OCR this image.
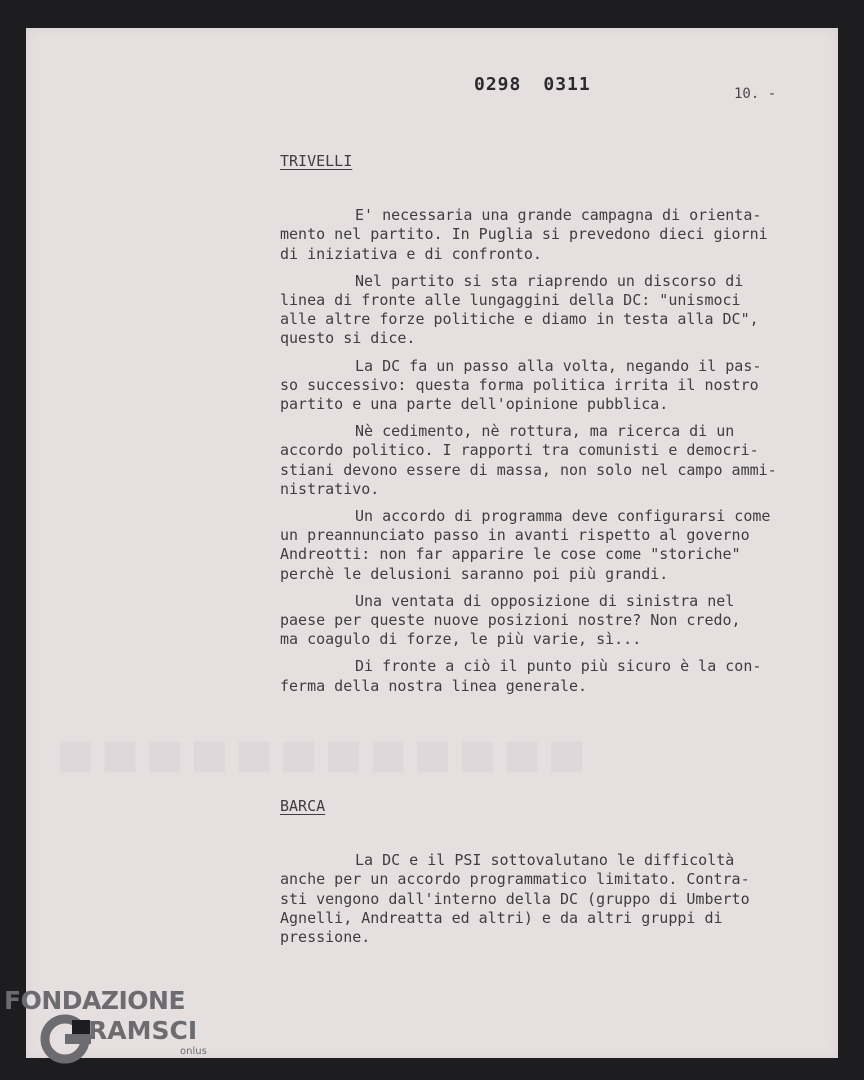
■■■■■■■■■■■■

0298 0311	10. -

TRIVELLI

E' necessaria una grande campagna di orienta-
mento nel partito. In Puglia si prevedono dieci giorni
di iniziativa e di confronto.

Nel partito si sta riaprendo un discorso di
linea di fronte alle lungaggini della DC: "unismoci
alle altre forze politiche e diamo in testa alla DC",
questo si dice.

La DC fa un passo alla volta, negando il pas-
so successivo: questa forma politica irrita il nostro
partito e una parte dell'opinione pubblica.

Nè cedimento, nè rottura, ma ricerca di un
accordo politico. I rapporti tra comunisti e democri-
stiani devono essere di massa, non solo nel campo ammi-
nistrativo.

Un accordo di programma deve configurarsi come
un preannunciato passo in avanti rispetto al governo
Andreotti: non far apparire le cose come "storiche"
perchè le delusioni saranno poi più grandi.

Una ventata di opposizione di sinistra nel
paese per queste nuove posizioni nostre? Non credo,
ma coagulo di forze, le più varie, sì...

Di fronte a ciò il punto più sicuro è la con-
ferma della nostra linea generale.

BARCA

La DC e il PSI sottovalutano le difficoltà
anche per un accordo programmatico limitato. Contra-
sti vengono dall'interno della DC (gruppo di Umberto
Agnelli, Andreatta ed altri) e da altri gruppi di
pressione.

FONDAZIONE

RAMSCI

onlus
